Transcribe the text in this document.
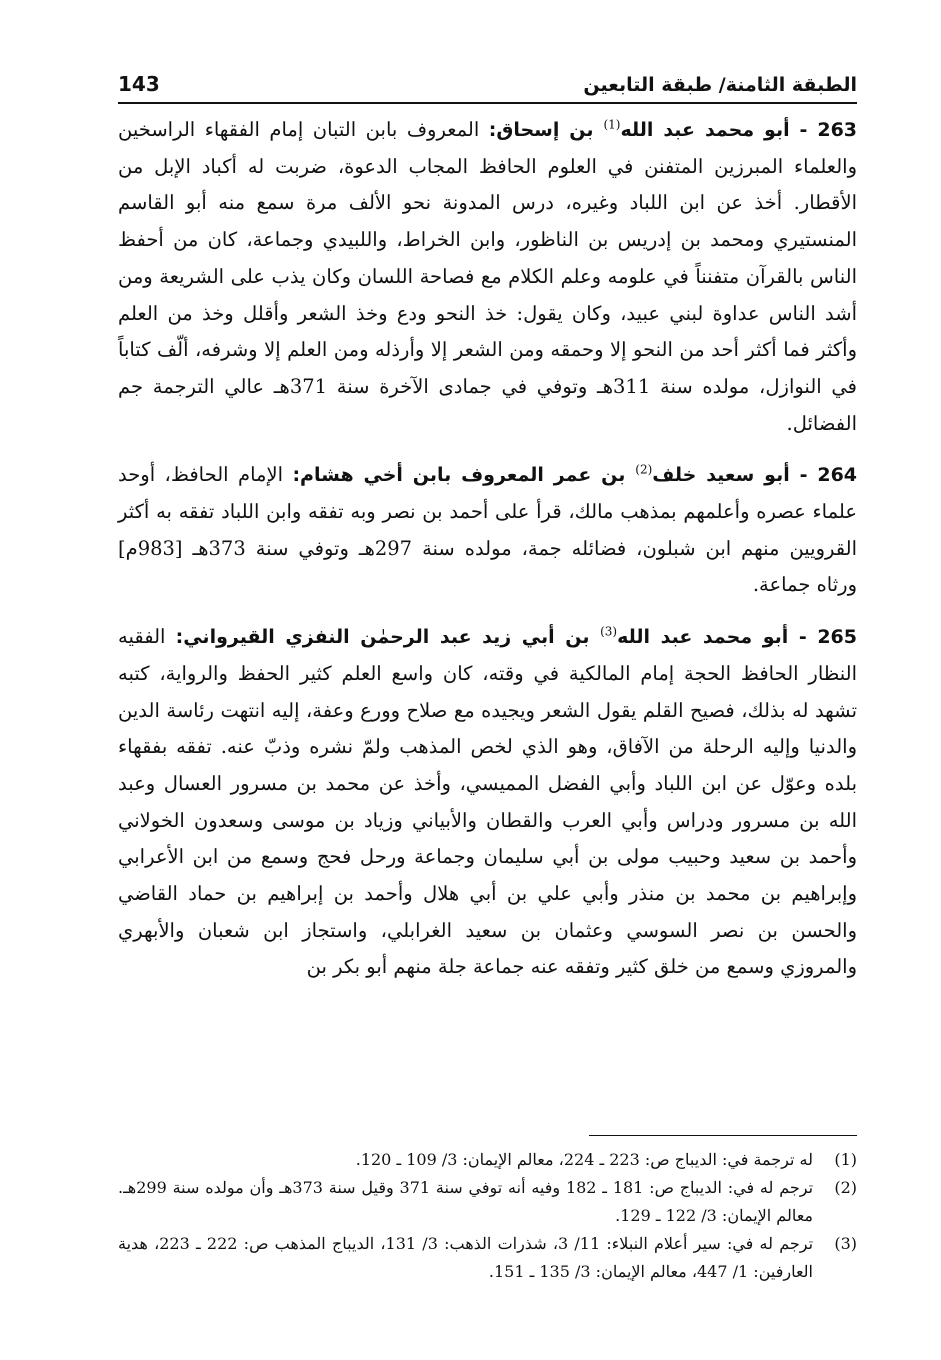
143	الطبقة الثامنة/ طبقة التابعين

263 - أبو محمد عبد الله$^{(1)}$ بن إسحاق: المعروف بابن التبان إمام الفقهاء الراسخين والعلماء المبرزين المتفنن في العلوم الحافظ المجاب الدعوة، ضربت له أكباد الإبل من الأقطار. أخذ عن ابن اللباد وغيره، درس المدونة نحو الألف مرة سمع منه أبو القاسم المنستيري ومحمد بن إدريس بن الناظور، وابن الخراط، واللبيدي وجماعة، كان من أحفظ الناس بالقرآن متفنناً في علومه وعلم الكلام مع فصاحة اللسان وكان يذب على الشريعة ومن أشد الناس عداوة لبني عبيد، وكان يقول: خذ النحو ودع وخذ الشعر وأقلل وخذ من العلم وأكثر فما أكثر أحد من النحو إلا وحمقه ومن الشعر إلا وأرذله ومن العلم إلا وشرفه، ألّف كتاباً في النوازل، مولده سنة 311هـ وتوفي في جمادى الآخرة سنة 371هـ عالي الترجمة جم الفضائل.

264 - أبو سعيد خلف$^{(2)}$ بن عمر المعروف بابن أخي هشام: الإمام الحافظ، أوحد علماء عصره وأعلمهم بمذهب مالك، قرأ على أحمد بن نصر وبه تفقه وابن اللباد تفقه به أكثر القرويين منهم ابن شبلون، فضائله جمة، مولده سنة 297هـ وتوفي سنة 373هـ [983م] ورثاه جماعة.

265 - أبو محمد عبد الله$^{(3)}$ بن أبي زيد عبد الرحمٰن النفزي القيرواني: الفقيه النظار الحافظ الحجة إمام المالكية في وقته، كان واسع العلم كثير الحفظ والرواية، كتبه تشهد له بذلك، فصيح القلم يقول الشعر ويجيده مع صلاح وورع وعفة، إليه انتهت رئاسة الدين والدنيا وإليه الرحلة من الآفاق، وهو الذي لخص المذهب ولمّ نشره وذبّ عنه. تفقه بفقهاء بلده وعوّل عن ابن اللباد وأبي الفضل المميسي، وأخذ عن محمد بن مسرور العسال وعبد الله بن مسرور ودراس وأبي العرب والقطان والأبياني وزياد بن موسى وسعدون الخولاني وأحمد بن سعيد وحبيب مولى بن أبي سليمان وجماعة ورحل فحج وسمع من ابن الأعرابي وإبراهيم بن محمد بن منذر وأبي علي بن أبي هلال وأحمد بن إبراهيم بن حماد القاضي والحسن بن نصر السوسي وعثمان بن سعيد الغرابلي، واستجاز ابن شعبان والأبهري والمروزي وسمع من خلق كثير وتفقه عنه جماعة جلة منهم أبو بكر بن

(1)
له ترجمة في: الديباج ص: 223 ـ 224، معالم الإيمان: 3/ 109 ـ 120.
(2)
ترجم له في: الديباج ص: 181 ـ 182 وفيه أنه توفي سنة 371 وقيل سنة 373هـ وأن مولده سنة 299هـ. معالم الإيمان: 3/ 122 ـ 129.
(3)
ترجم له في: سير أعلام النبلاء: 11/ 3، شذرات الذهب: 3/ 131، الديباج المذهب ص: 222 ـ 223، هدية العارفين: 1/ 447، معالم الإيمان: 3/ 135 ـ 151.
